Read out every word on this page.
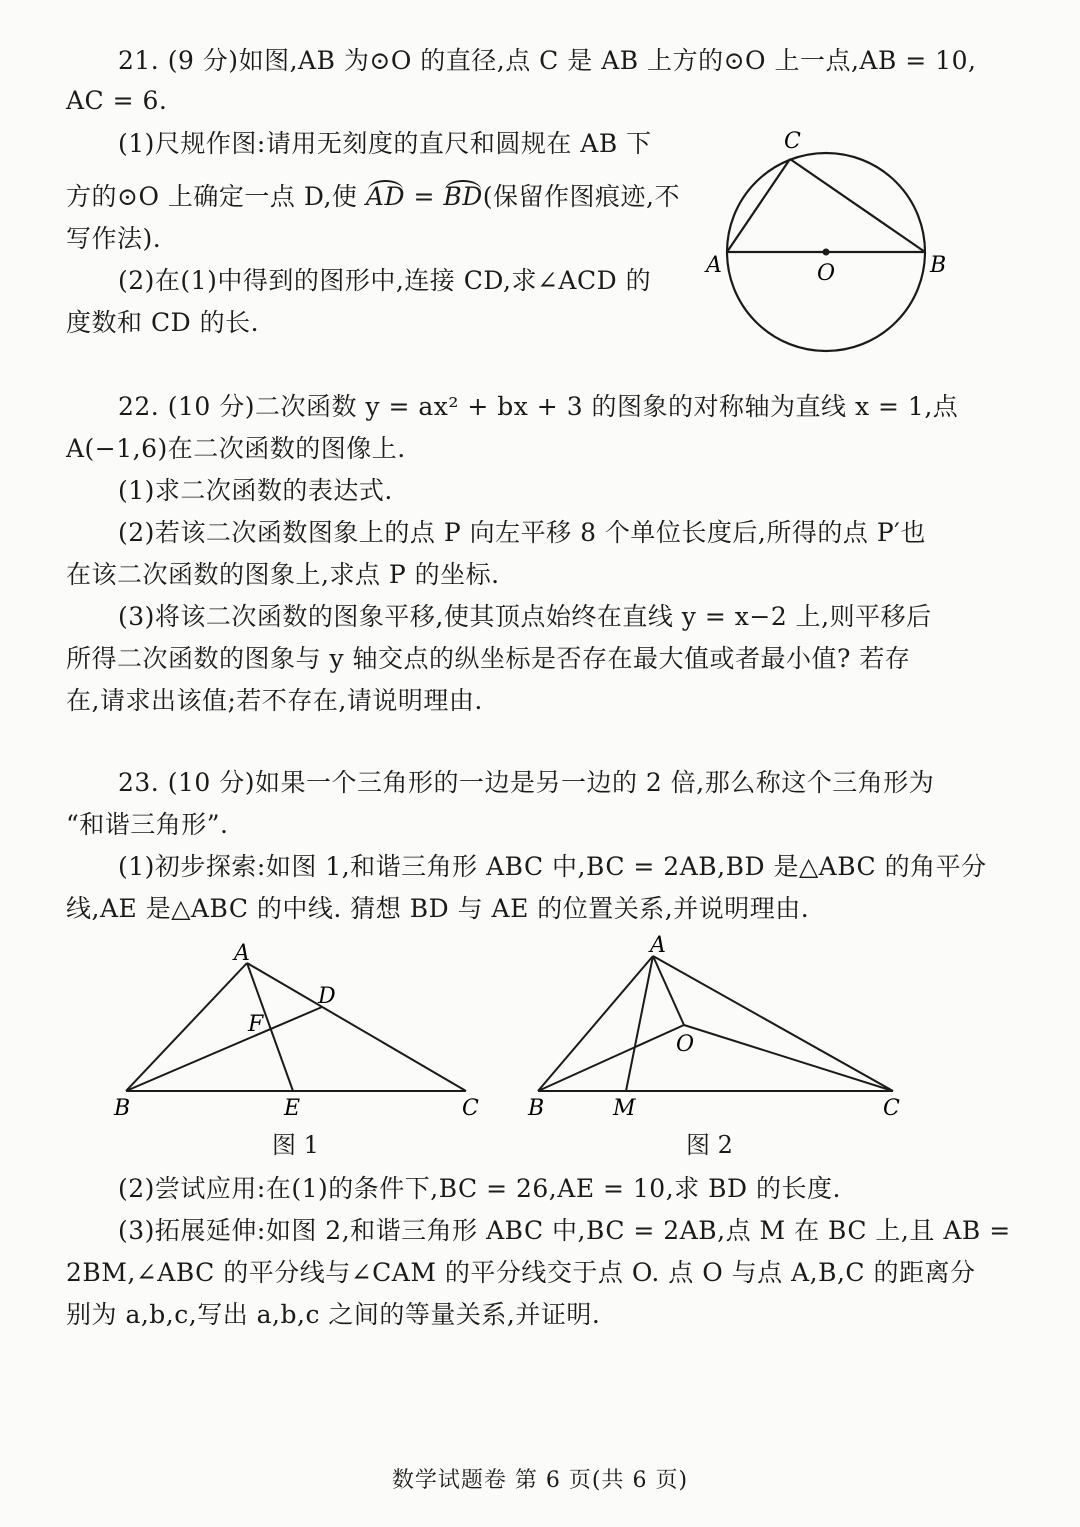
21. (9 分)如图,AB 为⊙O 的直径,点 C 是 AB 上方的⊙O 上一点,AB = 10,
AC = 6.
(1)尺规作图:请用无刻度的直尺和圆规在 AB 下
方的⊙O 上确定一点 D,使 AD = BD(保留作图痕迹,不
写作法).
(2)在(1)中得到的图形中,连接 CD,求∠ACD 的
度数和 CD 的长.
C
A	O	B
22. (10 分)二次函数 y = ax² + bx + 3 的图象的对称轴为直线 x = 1,点
A(−1,6)在二次函数的图像上.
(1)求二次函数的表达式.
(2)若该二次函数图象上的点 P 向左平移 8 个单位长度后,所得的点 P′也
在该二次函数的图象上,求点 P 的坐标.
(3)将该二次函数的图象平移,使其顶点始终在直线 y = x−2 上,则平移后
所得二次函数的图象与 y 轴交点的纵坐标是否存在最大值或者最小值? 若存
在,请求出该值;若不存在,请说明理由.
23. (10 分)如果一个三角形的一边是另一边的 2 倍,那么称这个三角形为
“和谐三角形”.
(1)初步探索:如图 1,和谐三角形 ABC 中,BC = 2AB,BD 是△ABC 的角平分
线,AE 是△ABC 的中线. 猜想 BD 与 AE 的位置关系,并说明理由.
A
D
F
B	E	C
图 1
A
O
B	M	C
图 2
(2)尝试应用:在(1)的条件下,BC = 26,AE = 10,求 BD 的长度.
(3)拓展延伸:如图 2,和谐三角形 ABC 中,BC = 2AB,点 M 在 BC 上,且 AB =
2BM,∠ABC 的平分线与∠CAM 的平分线交于点 O. 点 O 与点 A,B,C 的距离分
别为 a,b,c,写出 a,b,c 之间的等量关系,并证明.
数学试题卷 第 6 页(共 6 页)
